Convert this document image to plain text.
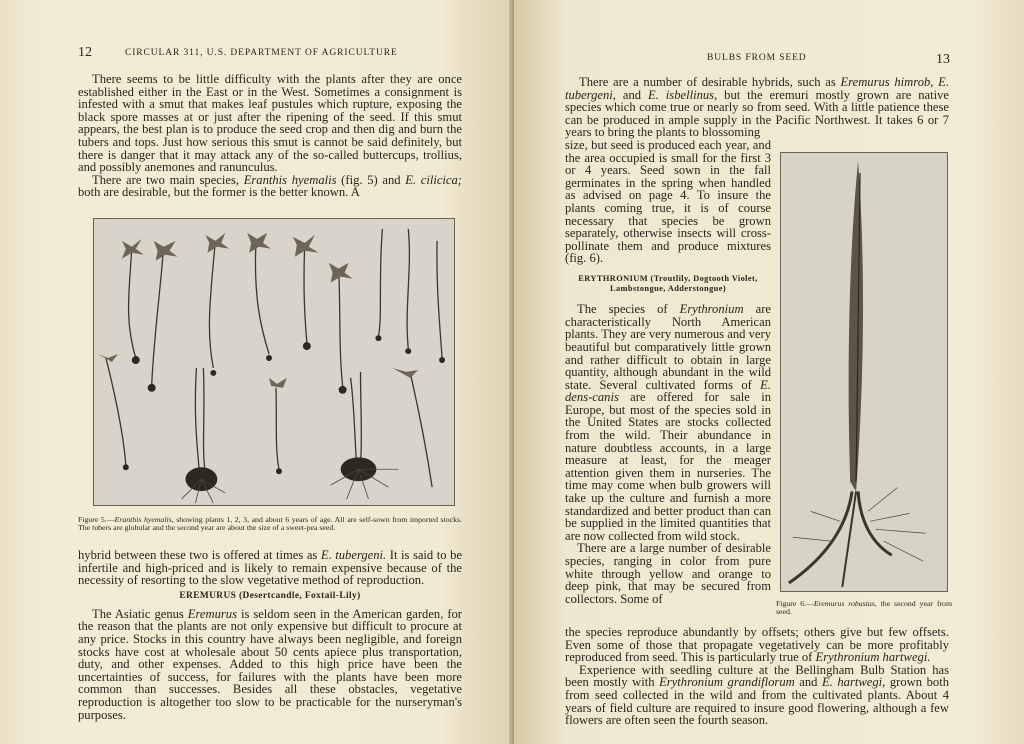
12	CIRCULAR 311, U.S. DEPARTMENT OF AGRICULTURE

There seems to be little difficulty with the plants after they are once established either in the East or in the West. Sometimes a consignment is infested with a smut that makes leaf pustules which rupture, exposing the black spore masses at or just after the ripening of the seed. If this smut appears, the best plan is to produce the seed crop and then dig and burn the tubers and tops. Just how serious this smut is cannot be said definitely, but there is danger that it may attack any of the so-called buttercups, trollius, and possibly anemones and ranunculus.

There are two main species, Eranthis hyemalis (fig. 5) and E. cilicica; both are desirable, but the former is the better known. A

Figure 5.—Eranthis hyemalis, showing plants 1, 2, 3, and about 6 years of age. All are self-sown from imported stocks. The tubers are globular and the second year are about the size of a sweet-pea seed.

hybrid between these two is offered at times as E. tubergeni. It is said to be infertile and high-priced and is likely to remain expensive because of the necessity of resorting to the slow vegetative method of reproduction.

EREMURUS (Desertcandle, Foxtail-Lily)

The Asiatic genus Eremurus is seldom seen in the American garden, for the reason that the plants are not only expensive but difficult to procure at any price. Stocks in this country have always been negligible, and foreign stocks have cost at wholesale about 50 cents apiece plus transportation, duty, and other expenses. Added to this high price have been the uncertainties of success, for failures with the plants have been more common than successes. Besides all these obstacles, vegetative reproduction is altogether too slow to be practicable for the nurseryman's purposes.

BULBS FROM SEED	13

There are a number of desirable hybrids, such as Eremurus himrob, E. tubergeni, and E. isbellinus, but the eremuri mostly grown are native species which come true or nearly so from seed. With a little patience these can be produced in ample supply in the Pacific Northwest. It takes 6 or 7 years to bring the plants to blossoming

size, but seed is produced each year, and the area occupied is small for the first 3 or 4 years. Seed sown in the fall germinates in the spring when handled as advised on page 4. To insure the plants coming true, it is of course necessary that species be grown separately, otherwise insects will cross-pollinate them and produce mixtures (fig. 6).

ERYTHRONIUM (Troutlily, Dogtooth Violet,

Lambstongue, Adderstongue)

The species of Erythronium are characteristically North American plants. They are very numerous and very beautiful but comparatively little grown and rather difficult to obtain in large quantity, although abundant in the wild state. Several cultivated forms of E. dens-canis are offered for sale in Europe, but most of the species sold in the United States are stocks collected from the wild. Their abundance in nature doubtless accounts, in a large measure at least, for the meager attention given them in nurseries. The time may come when bulb growers will take up the culture and furnish a more standardized and better product than can be supplied in the limited quantities that are now collected from wild stock.

There are a large number of desirable species, ranging in color from pure white through yellow and orange to deep pink, that may be secured from collectors. Some of	Figure 6.—Eremurus robustus, the second year from seed.

the species reproduce abundantly by offsets; others give but few offsets. Even some of those that propagate vegetatively can be more profitably reproduced from seed. This is particularly true of Erythronium hartwegi.

Experience with seedling culture at the Bellingham Bulb Station has been mostly with Erythronium grandiflorum and E. hartwegi, grown both from seed collected in the wild and from the cultivated plants. About 4 years of field culture are required to insure good flowering, although a few flowers are often seen the fourth season.
